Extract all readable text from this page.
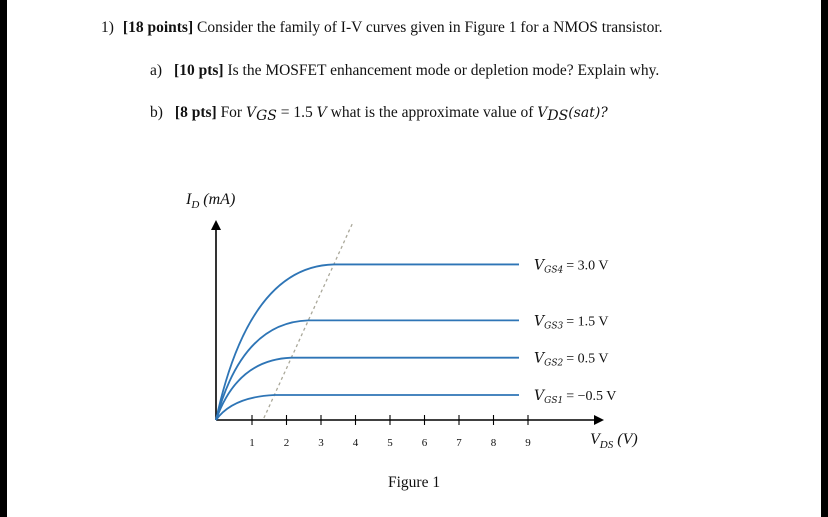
1) [18 points] Consider the family of I-V curves given in Figure 1 for a NMOS transistor.
a) [10 pts] Is the MOSFET enhancement mode or depletion mode? Explain why.
b) [8 pts] For $V_{GS} = 1.5$ V what is the approximate value of $V_{DS}(sat)$?
1	2	3	4	5	6	7	8	9
$V_{GS4} = 3.0$ V
$V_{GS3} = 1.5$ V
$V_{GS2} = 0.5$ V
$V_{GS1} = -0.5$ V
$I_D$ (mA)
$V_{DS}$ (V)
Figure 1
